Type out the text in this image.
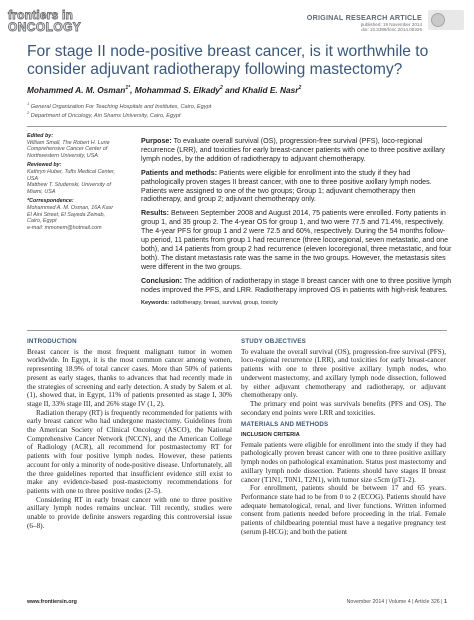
frontiers in
ONCOLOGY
ORIGINAL RESEARCH ARTICLE
published: 19 November 2014
doi: 10.3389/fonc.2014.00326
For stage II node-positive breast cancer, is it worthwhile to consider adjuvant radiotherapy following mastectomy?
Mohammed A. M. Osman$^{1*}$, Mohammad S. Elkady$^2$ and Khalid E. Nasr$^2$
$^1$ General Organization For Teaching Hospitals and Institutes, Cairo, Egypt
$^2$ Department of Oncology, Ain Shams University, Cairo, Egypt
Edited by:
William Small, The Robert H. Lurie
Comprehensive Cancer Center of
Northwestern University, USA
Reviewed by:
Kathryn Huber, Tufts Medical Center,
USA
Matthew T. Studenski, University of
Miami, USA
*Correspondence:
Mohammed A. M. Osman, 16A Kasr
El Aini Street, El Sayeda Zeinab,
Cairo, Egypt
e-mail: mmonem@hotmail.com

Purpose: To evaluate overall survival (OS), progression-free survival (PFS), loco-regional recurrence (LRR), and toxicities for early breast-cancer patients with one to three positive axillary lymph nodes, by the addition of radiotherapy to adjuvant chemotherapy.

Patients and methods: Patients were eligible for enrollment into the study if they had pathologically proven stages II breast cancer, with one to three positive axillary lymph nodes. Patients were assigned to one of the two groups; Group 1; adjuvant chemotherapy then radiotherapy, and group 2; adjuvant chemotherapy only.

Results: Between September 2008 and August 2014, 75 patients were enrolled. Forty patients in group 1, and 35 group 2. The 4-year OS for group 1, and two were 77.5 and 71.4%, respectively. The 4-year PFS for group 1 and 2 were 72.5 and 60%, respectively. During the 54 months follow-up period, 11 patients from group 1 had recurrence (three locoregional, seven metastatic, and one both), and 14 patients from group 2 had recurrence (eleven locoregional, three metastatic, and four both). The distant metastasis rate was the same in the two groups. However, the metastasis sites were different in the two groups.

Conclusion: The addition of radiotherapy in stage II breast cancer with one to three positive lymph nodes improved the PFS, and LRR. Radiotherapy improved OS in patients with high-risk features.

Keywords: radiotherapy, breast, survival, group, toxicity

INTRODUCTION

Breast cancer is the most frequent malignant tumor in women worldwide. In Egypt, it is the most common cancer among women, representing 18.9% of total cancer cases. More than 50% of patients present as early stages, thanks to advances that had recently made in the strategies of screening and early detection. A study by Salem et al. (1), showed that, in Egypt, 11% of patients presented as stage I, 30% stage II, 33% stage III, and 26% stage IV (1, 2).

Radiation therapy (RT) is frequently recommended for patients with early breast cancer who had undergone mastectomy. Guidelines from the American Society of Clinical Oncology (ASCO), the National Comprehensive Cancer Network (NCCN), and the American College of Radiology (ACR), all recommend for postmastectomy RT for patients with four positive lymph nodes. However, these patients account for only a minority of node-positive disease. Unfortunately, all the three guidelines reported that insufficient evidence still exist to make any evidence-based post-mastectomy recommendations for patients with one to three positive nodes (2–5).

Considering RT in early breast cancer with one to three positive axillary lymph nodes remains unclear. Till recently, studies were unable to provide definite answers regarding this controversial issue (6–8).

STUDY OBJECTIVES

To evaluate the overall survival (OS), progression-free survival (PFS), loco-regional recurrence (LRR), and toxicities for early breast-cancer patients with one to three positive axillary lymph nodes, who underwent mastectomy, and axillary lymph node dissection, followed by either adjuvant chemotherapy and radiotherapy, or adjuvant chemotherapy only.

The primary end point was survivals benefits (PFS and OS). The secondary end points were LRR and toxicities.

MATERIALS AND METHODS
INCLUSION CRITERIA

Female patients were eligible for enrollment into the study if they had pathologically proven breast cancer with one to three positive axillary lymph nodes on pathological examination. Status post mastectomy and axillary lymph node dissection. Patients should have stages II breast cancer (T1N1, T0N1, T2N1), with tumor size ≤5cm (pT1-2).

For enrollment, patients should be between 17 and 65 years. Performance state had to be from 0 to 2 (ECOG). Patients should have adequate hematological, renal, and liver functions. Written informed consent from patients needed before proceeding in the trial. Female patients of childbearing potential must have a negative pregnancy test (serum β-HCG); and both the patient

www.frontiersin.org	November 2014 | Volume 4 | Article 326 | 1
